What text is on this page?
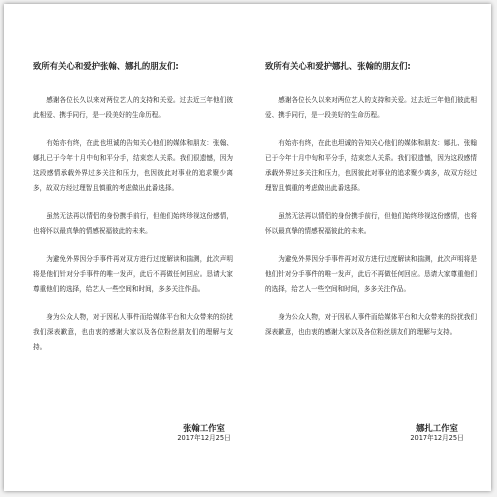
致所有关心和爱护张翰、娜扎的朋友们:

感谢各位长久以来对两位艺人的支持和关爱。过去近三年他们彼此相爱、携手同行，是一段美好的生命历程。

有始亦有终，在此也坦诚的告知关心他们的媒体和朋友：张翰、娜扎已于今年十月中旬和平分手，结束恋人关系。我们很遗憾，因为这段感情承载外界过多关注和压力，也因彼此对事业的追求聚少离多，故双方经过理智且慎重的考虑做出此番选择。

虽然无法再以情侣的身份携手前行，但他们始终珍视这份感情，也将怀以最真挚的情感祝福彼此的未来。

为避免外界因分手事件再对双方进行过度解读和揣测，此次声明将是他们针对分手事件的唯一发声，此后不再做任何回应。恳请大家尊重他们的选择，给艺人一些空间和时间，多多关注作品。

身为公众人物，对于因私人事件而给媒体平台和大众带来的纷扰我们深表歉意，也由衷的感谢大家以及各位粉丝朋友们的理解与支持。

张翰工作室
2017年12月25日
致所有关心和爱护娜扎、张翰的朋友们:

感谢各位长久以来对两位艺人的支持和关爱。过去近三年他们彼此相爱、携手同行，是一段美好的生命历程。

有始亦有终，在此也坦诚的告知关心他们的媒体和朋友：娜扎、张翰已于今年十月中旬和平分手，结束恋人关系。我们很遗憾，因为这段感情承载外界过多关注和压力，也因彼此对事业的追求聚少离多，故双方经过理智且慎重的考虑做出此番选择。

虽然无法再以情侣的身份携手前行，但他们始终珍视这份感情，也将怀以最真挚的情感祝福彼此的未来。

为避免外界因分手事件再对双方进行过度解读和揣测，此次声明将是他们针对分手事件的唯一发声，此后不再做任何回应。恳请大家尊重他们的选择，给艺人一些空间和时间，多多关注作品。

身为公众人物，对于因私人事件而给媒体平台和大众带来的纷扰我们深表歉意，也由衷的感谢大家以及各位粉丝朋友们的理解与支持。

娜扎工作室
2017年12月25日
